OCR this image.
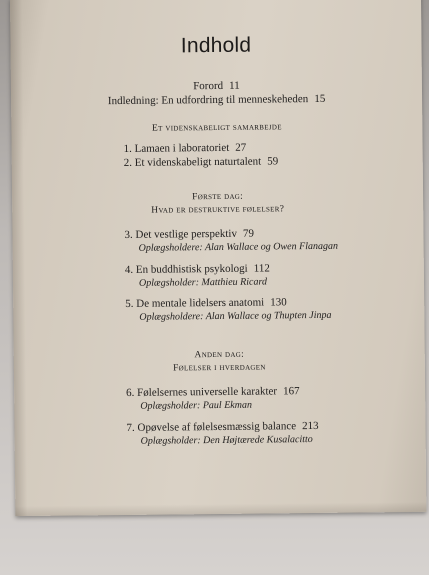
Indhold
Forord 11
Indledning: En udfordring til menneskeheden 15
Et videnskabeligt samarbejde
1. Lamaen i laboratoriet 27
2. Et videnskabeligt naturtalent 59
Første dag:
Hvad er destruktive følelser?
3. Det vestlige perspektiv 79
Oplægsholdere: Alan Wallace og Owen Flanagan
4. En buddhistisk psykologi 112
Oplægsholder: Matthieu Ricard
5. De mentale lidelsers anatomi 130
Oplægsholdere: Alan Wallace og Thupten Jinpa
Anden dag:
Følelser i hverdagen
6. Følelsernes universelle karakter 167
Oplægsholder: Paul Ekman
7. Opøvelse af følelsesmæssig balance 213
Oplægsholder: Den Højtærede Kusalacitto
